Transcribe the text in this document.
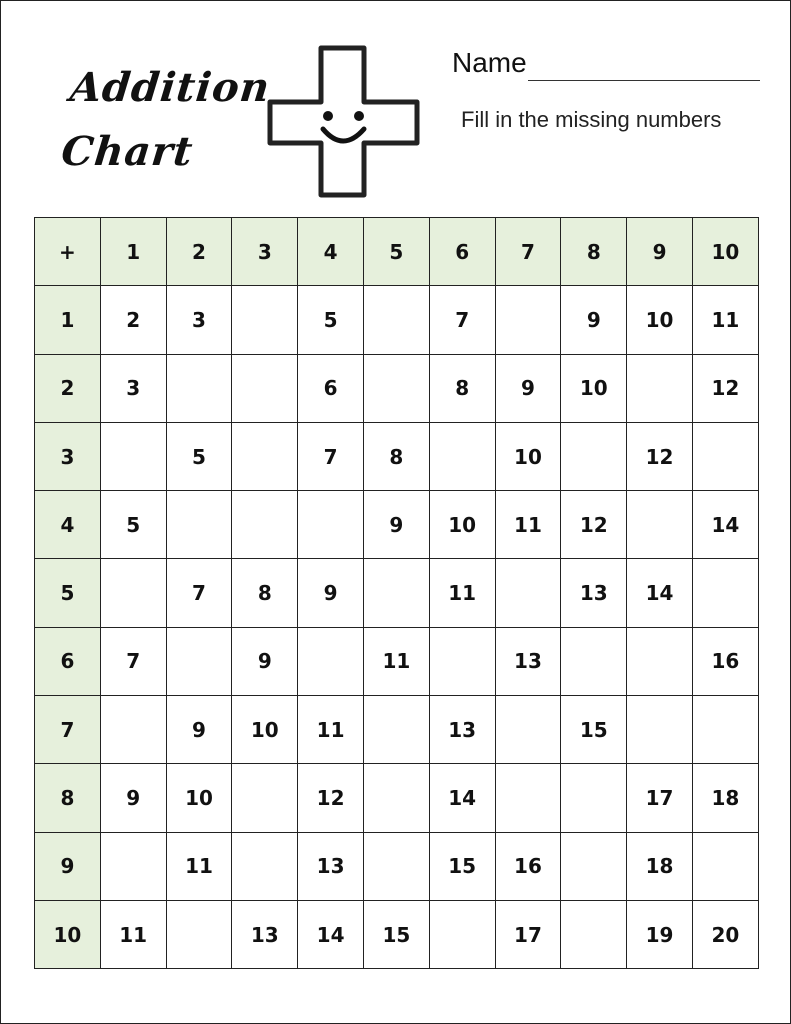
Addition
Chart
Name
Fill in the missing numbers
+	1	2	3	4	5	6	7	8	9	10
1	2	3		5		7		9	10	11
2	3			6		8	9	10		12
3		5		7	8		10		12	
4	5				9	10	11	12		14
5		7	8	9		11		13	14	
6	7		9		11		13			16
7		9	10	11		13		15		
8	9	10		12		14			17	18
9		11		13		15	16		18	
10	11		13	14	15		17		19	20
